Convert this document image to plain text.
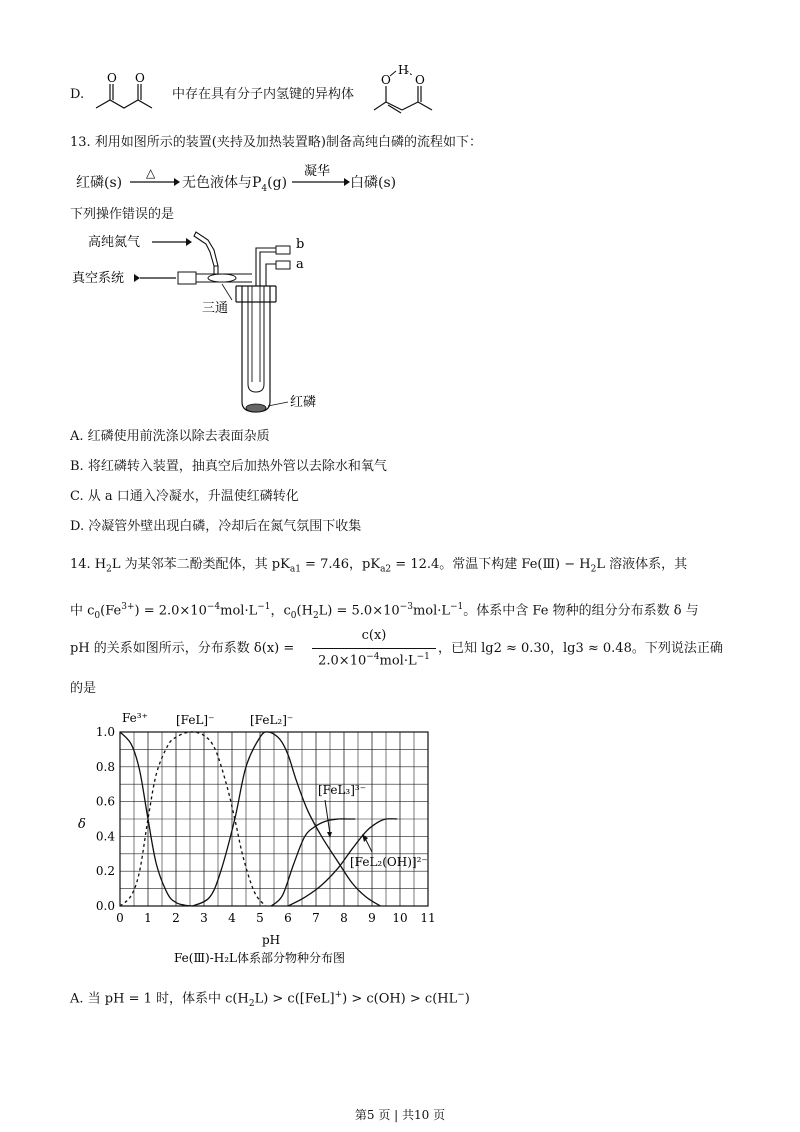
D.
O O
中存在具有分子内氢键的异构体
O
H
O
13. 利用如图所示的装置(夹持及加热装置略)制备高纯白磷的流程如下：
红磷(s)
△
无色液体与$P_4(g)$
凝华
白磷(s)
下列操作错误的是
高纯氮气
真空系统
三通
b
a
红磷
A. 红磷使用前洗涤以除去表面杂质
B. 将红磷转入装置，抽真空后加热外管以去除水和氧气
C. 从 a 口通入冷凝水，升温使红磷转化
D. 冷凝管外壁出现白磷，冷却后在氮气氛围下收集
14. $H_2L$ 为某邻苯二酚类配体，其 $pK_{a1} = 7.46$，$pK_{a2} = 12.4$。常温下构建 Fe(Ⅲ) − $H_2L$ 溶液体系，其
中 $c_0(Fe^{3+}) = 2.0\times 10^{-4}mol\cdot L^{-1}$，$c_0(H_2L) = 5.0\times 10^{-3}mol\cdot L^{-1}$。体系中含 Fe 物种的组分分布系数 δ 与
pH 的关系如图所示，分布系数 δ(x) =
c(x)
$2.0\times 10^{-4}mol\cdot L^{-1}$
，已知 lg2 ≈ 0.30，lg3 ≈ 0.48。下列说法正确
的是
0 1 2 3 4 5 6 7 8 9 10 11
0.0
0.2
0.4
0.6
0.8
1.0
Fe³⁺ [FeL]⁻	[FeL₂]⁻
[FeL₃]³⁻
[FeL₂(OH)]²⁻
δ
pH
Fe(Ⅲ)-H₂L体系部分物种分布图
A. 当 pH = 1 时，体系中 $c(H_2L) > c([FeL]^+) > c(OH) > c(HL^-)$
第5 页 | 共10 页
